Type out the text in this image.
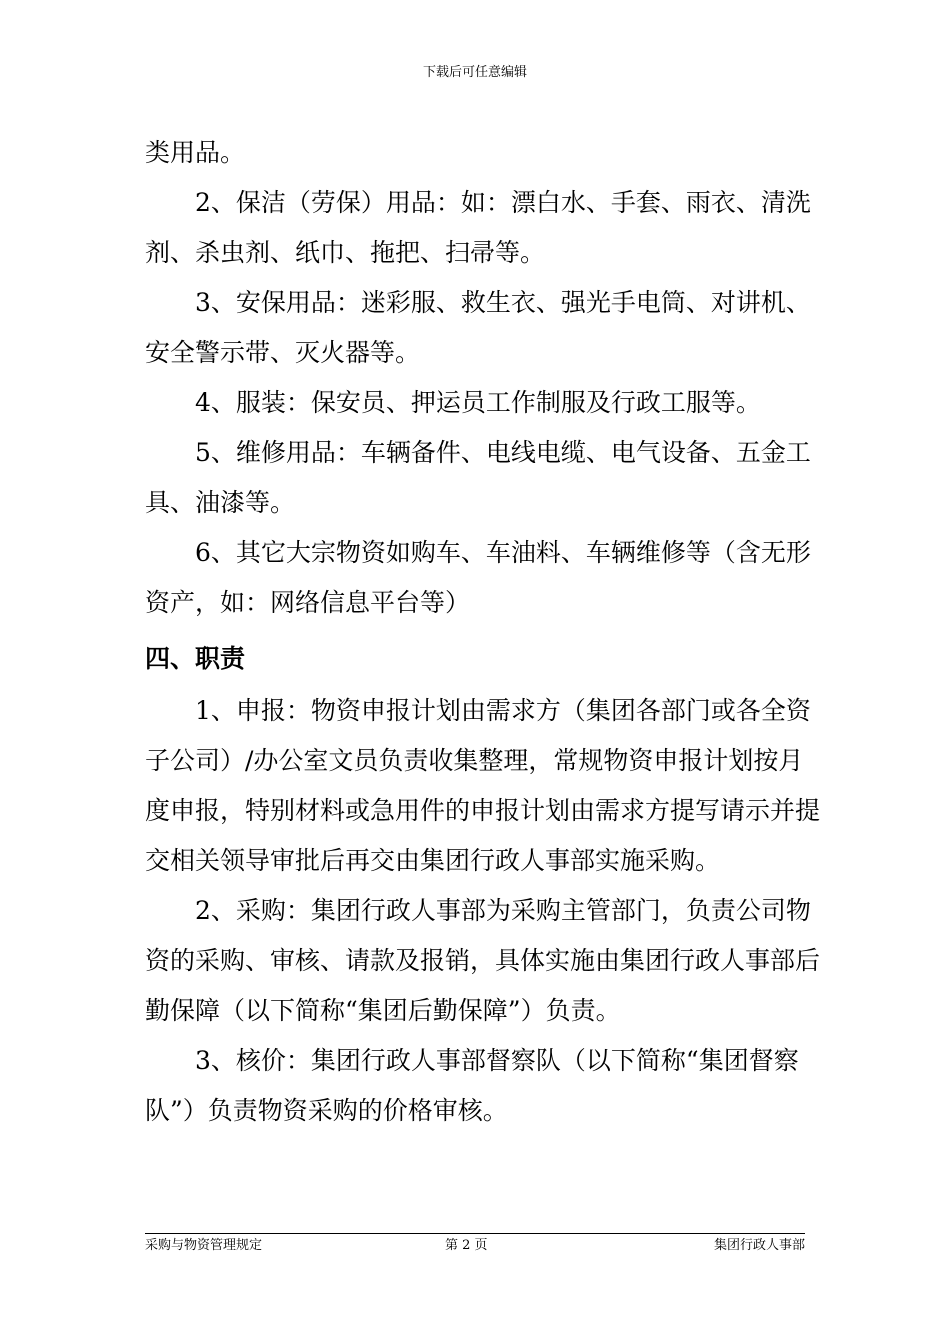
下载后可任意编辑

类用品。

2、保洁（劳保）用品：如：漂白水、手套、雨衣、清洗剂、杀虫剂、纸巾、拖把、扫帚等。

3、安保用品：迷彩服、救生衣、强光手电筒、对讲机、安全警示带、灭火器等。

4、服装：保安员、押运员工作制服及行政工服等。

5、维修用品：车辆备件、电线电缆、电气设备、五金工具、油漆等。

6、其它大宗物资如购车、车油料、车辆维修等（含无形资产，如：网络信息平台等）

四、职责

1、申报：物资申报计划由需求方（集团各部门或各全资子公司）/办公室文员负责收集整理，常规物资申报计划按月度申报，特别材料或急用件的申报计划由需求方提写请示并提交相关领导审批后再交由集团行政人事部实施采购。

2、采购：集团行政人事部为采购主管部门，负责公司物资的采购、审核、请款及报销，具体实施由集团行政人事部后勤保障（以下简称“集团后勤保障”）负责。

3、核价：集团行政人事部督察队（以下简称“集团督察队”）负责物资采购的价格审核。

采购与物资管理规定	第 2 页	集团行政人事部
